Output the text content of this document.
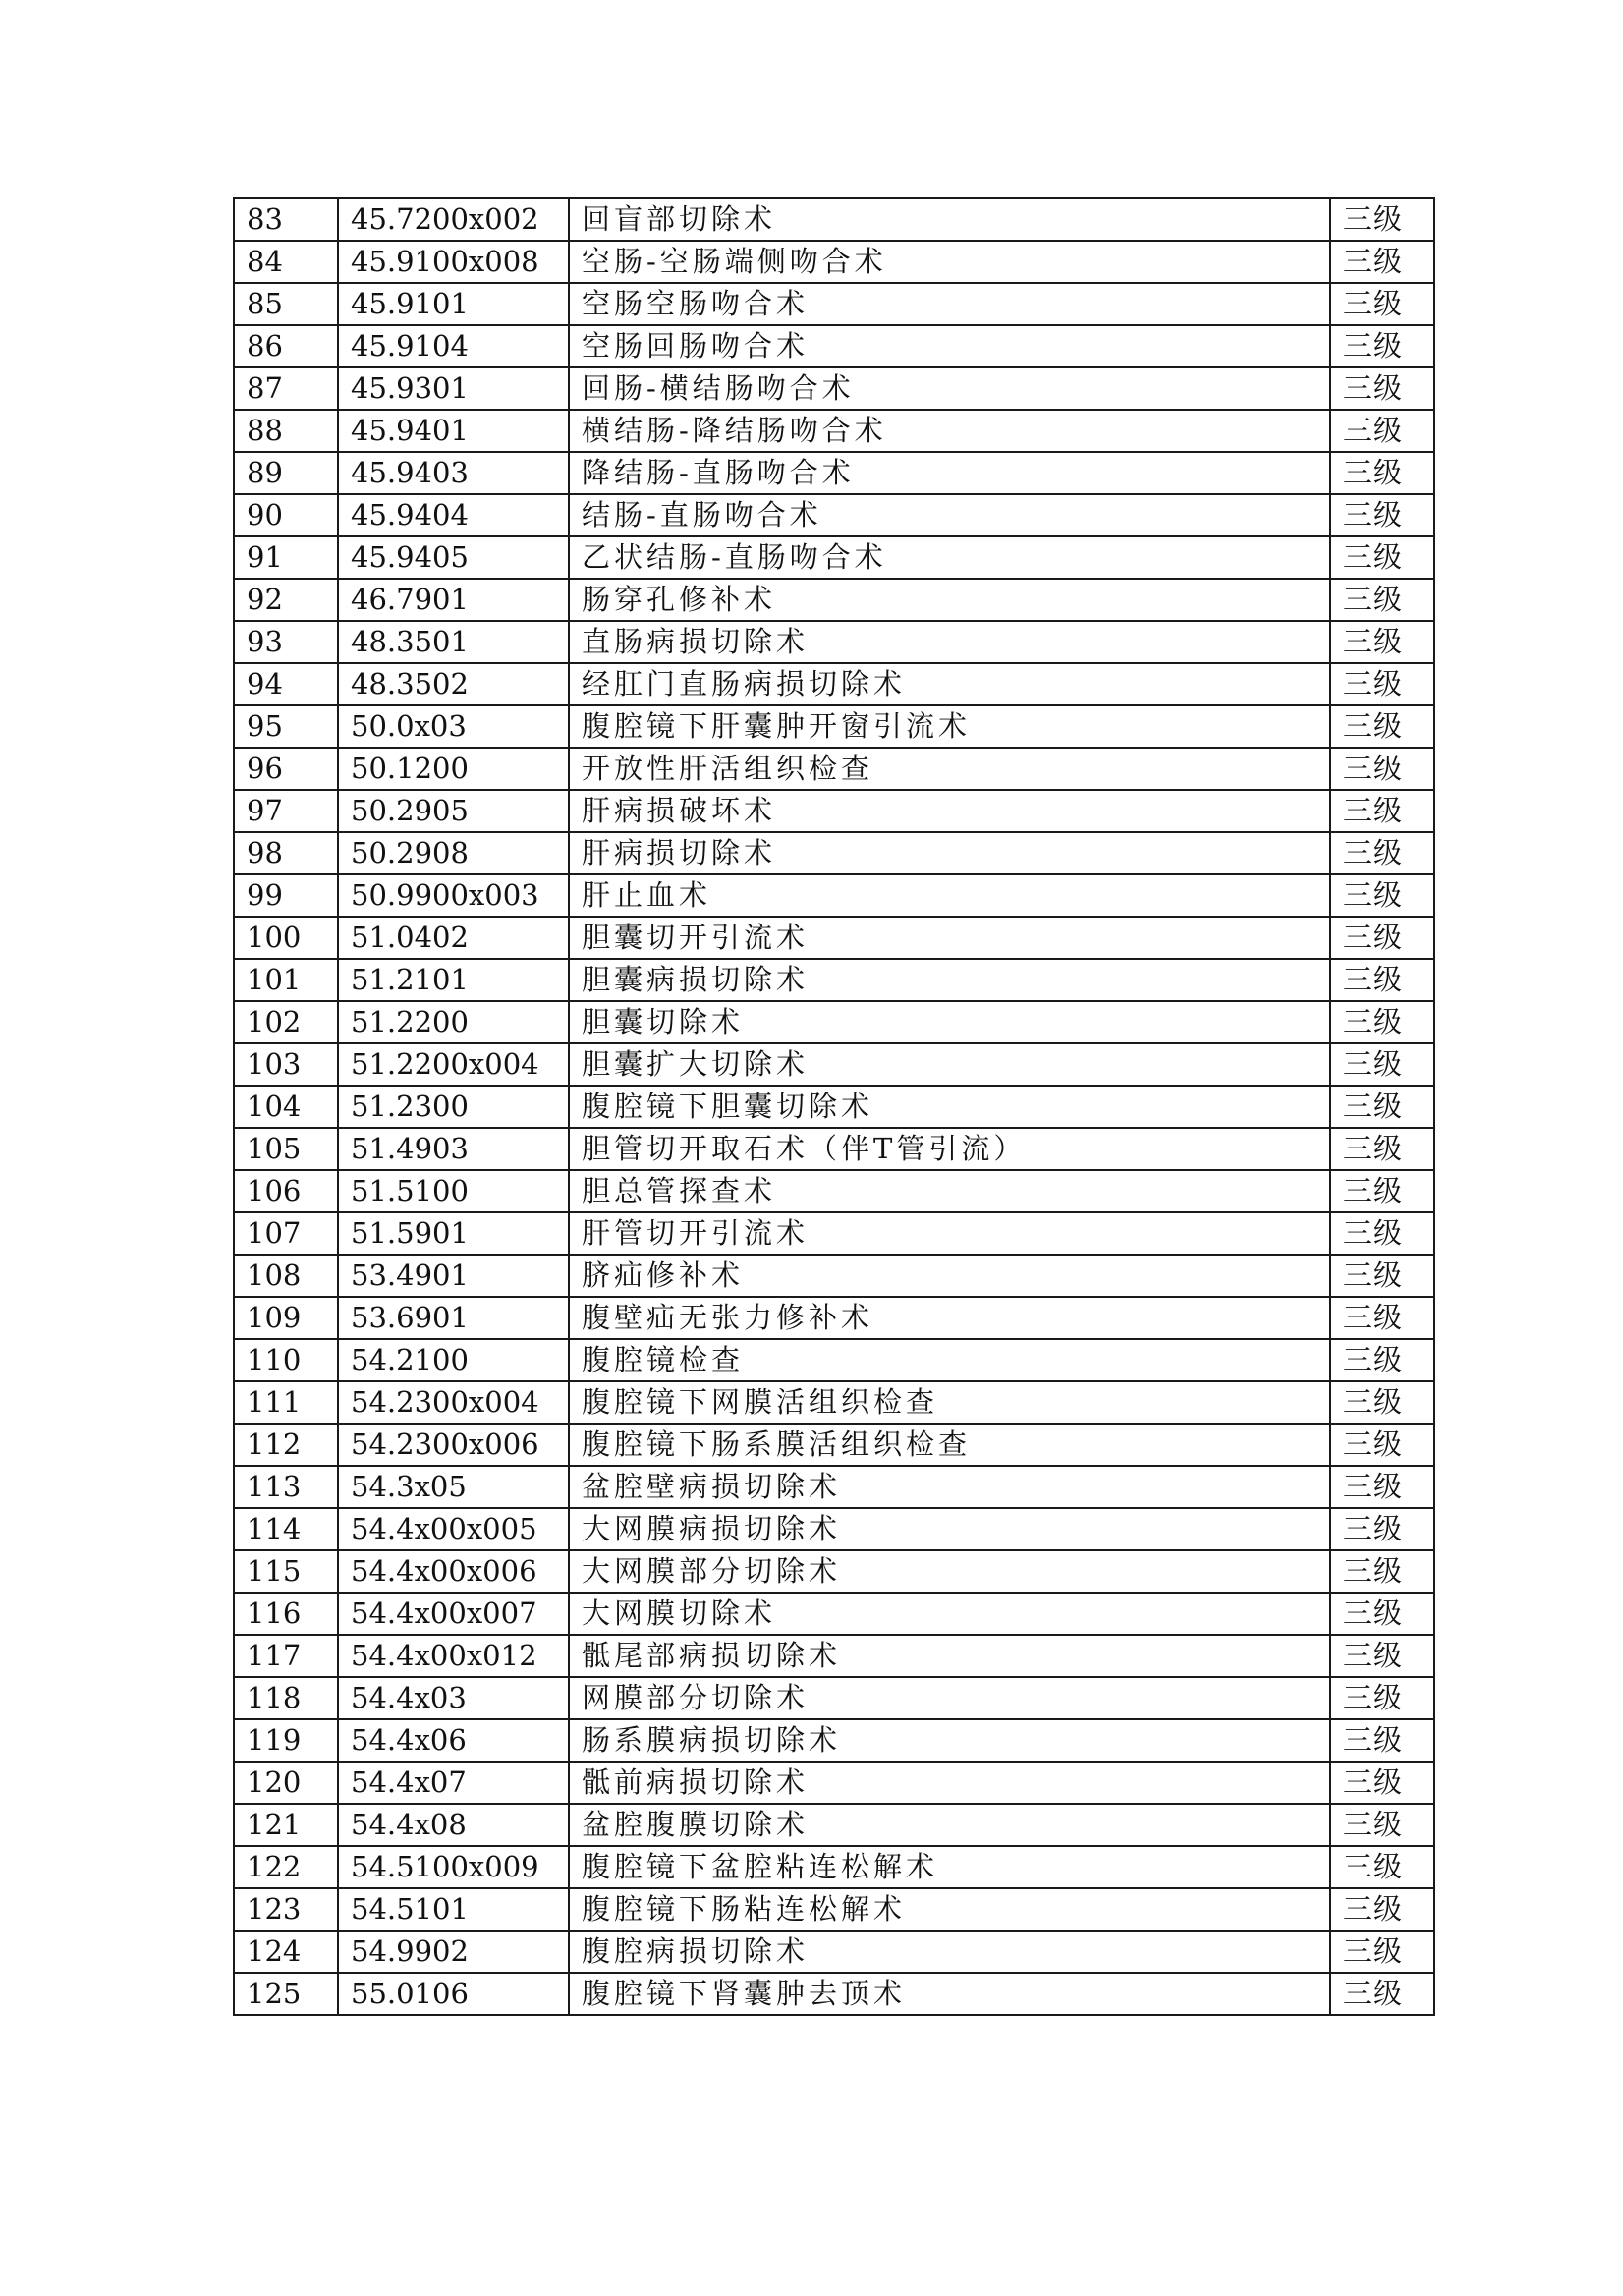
83	45.7200x002	回盲部切除术	三级
84	45.9100x008	空肠-空肠端侧吻合术	三级
85	45.9101	空肠空肠吻合术	三级
86	45.9104	空肠回肠吻合术	三级
87	45.9301	回肠-横结肠吻合术	三级
88	45.9401	横结肠-降结肠吻合术	三级
89	45.9403	降结肠-直肠吻合术	三级
90	45.9404	结肠-直肠吻合术	三级
91	45.9405	乙状结肠-直肠吻合术	三级
92	46.7901	肠穿孔修补术	三级
93	48.3501	直肠病损切除术	三级
94	48.3502	经肛门直肠病损切除术	三级
95	50.0x03	腹腔镜下肝囊肿开窗引流术	三级
96	50.1200	开放性肝活组织检查	三级
97	50.2905	肝病损破坏术	三级
98	50.2908	肝病损切除术	三级
99	50.9900x003	肝止血术	三级
100	51.0402	胆囊切开引流术	三级
101	51.2101	胆囊病损切除术	三级
102	51.2200	胆囊切除术	三级
103	51.2200x004	胆囊扩大切除术	三级
104	51.2300	腹腔镜下胆囊切除术	三级
105	51.4903	胆管切开取石术（伴T管引流）	三级
106	51.5100	胆总管探查术	三级
107	51.5901	肝管切开引流术	三级
108	53.4901	脐疝修补术	三级
109	53.6901	腹壁疝无张力修补术	三级
110	54.2100	腹腔镜检查	三级
111	54.2300x004	腹腔镜下网膜活组织检查	三级
112	54.2300x006	腹腔镜下肠系膜活组织检查	三级
113	54.3x05	盆腔壁病损切除术	三级
114	54.4x00x005	大网膜病损切除术	三级
115	54.4x00x006	大网膜部分切除术	三级
116	54.4x00x007	大网膜切除术	三级
117	54.4x00x012	骶尾部病损切除术	三级
118	54.4x03	网膜部分切除术	三级
119	54.4x06	肠系膜病损切除术	三级
120	54.4x07	骶前病损切除术	三级
121	54.4x08	盆腔腹膜切除术	三级
122	54.5100x009	腹腔镜下盆腔粘连松解术	三级
123	54.5101	腹腔镜下肠粘连松解术	三级
124	54.9902	腹腔病损切除术	三级
125	55.0106	腹腔镜下肾囊肿去顶术	三级
